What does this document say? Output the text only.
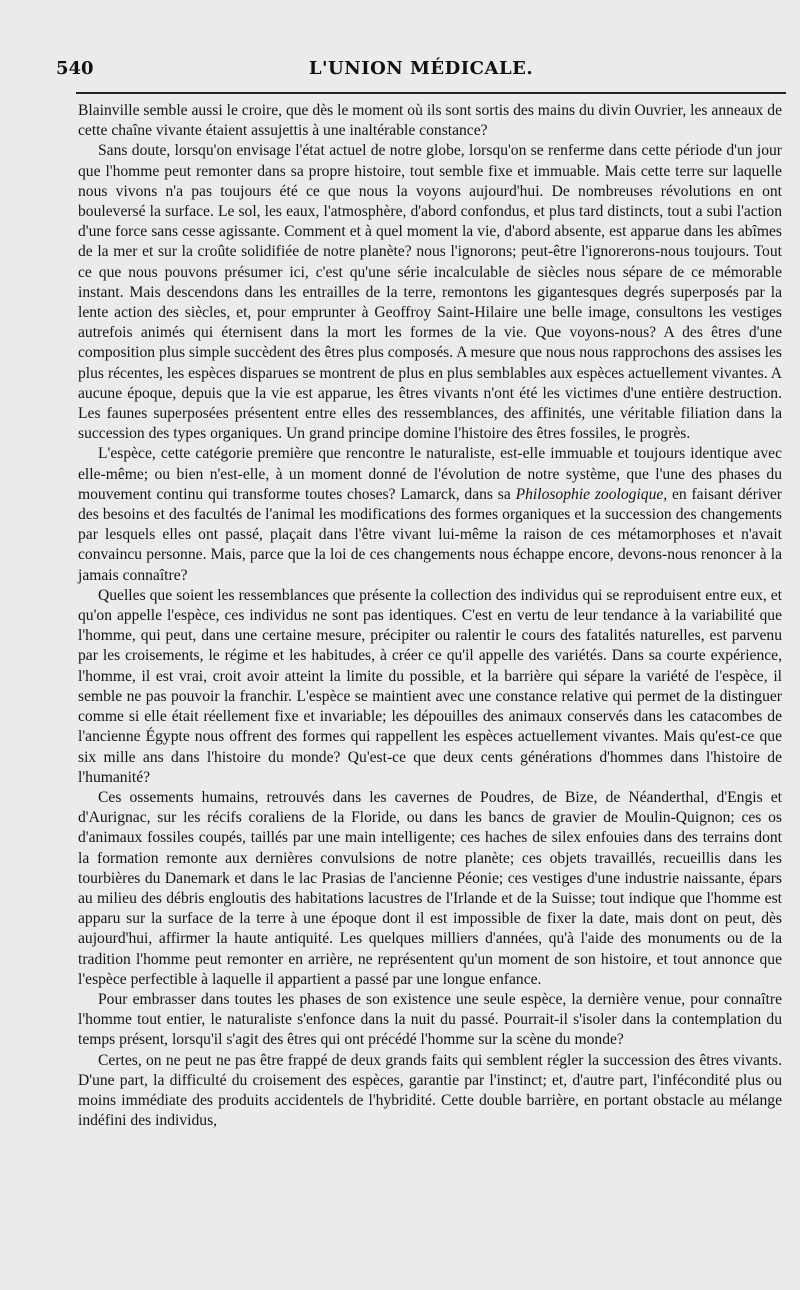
540	L'UNION MÉDICALE.

Blainville semble aussi le croire, que dès le moment où ils sont sortis des mains du divin Ouvrier, les anneaux de cette chaîne vivante étaient assujettis à une inaltérable constance?

Sans doute, lorsqu'on envisage l'état actuel de notre globe, lorsqu'on se renferme dans cette période d'un jour que l'homme peut remonter dans sa propre histoire, tout semble fixe et immuable. Mais cette terre sur laquelle nous vivons n'a pas toujours été ce que nous la voyons aujourd'hui. De nombreuses révolutions en ont bouleversé la surface. Le sol, les eaux, l'atmosphère, d'abord confondus, et plus tard distincts, tout a subi l'action d'une force sans cesse agissante. Comment et à quel moment la vie, d'abord absente, est apparue dans les abîmes de la mer et sur la croûte solidifiée de notre planète? nous l'ignorons; peut-être l'ignorerons-nous toujours. Tout ce que nous pouvons présumer ici, c'est qu'une série incalculable de siècles nous sépare de ce mémorable instant. Mais descendons dans les entrailles de la terre, remontons les gigantesques degrés superposés par la lente action des siècles, et, pour emprunter à Geoffroy Saint-Hilaire une belle image, consultons les vestiges autrefois animés qui éternisent dans la mort les formes de la vie. Que voyons-nous? A des êtres d'une composition plus simple succèdent des êtres plus composés. A mesure que nous nous rapprochons des assises les plus récentes, les espèces disparues se montrent de plus en plus semblables aux espèces actuellement vivantes. A aucune époque, depuis que la vie est apparue, les êtres vivants n'ont été les victimes d'une entière destruction. Les faunes superposées présentent entre elles des ressemblances, des affinités, une véritable filiation dans la succession des types organiques. Un grand principe domine l'histoire des êtres fossiles, le progrès.

L'espèce, cette catégorie première que rencontre le naturaliste, est-elle immuable et toujours identique avec elle-même; ou bien n'est-elle, à un moment donné de l'évolution de notre système, que l'une des phases du mouvement continu qui transforme toutes choses? Lamarck, dans sa Philosophie zoologique, en faisant dériver des besoins et des facultés de l'animal les modifications des formes organiques et la succession des changements par lesquels elles ont passé, plaçait dans l'être vivant lui-même la raison de ces métamorphoses et n'avait convaincu personne. Mais, parce que la loi de ces changements nous échappe encore, devons-nous renoncer à la jamais connaître?

Quelles que soient les ressemblances que présente la collection des individus qui se reproduisent entre eux, et qu'on appelle l'espèce, ces individus ne sont pas identiques. C'est en vertu de leur tendance à la variabilité que l'homme, qui peut, dans une certaine mesure, précipiter ou ralentir le cours des fatalités naturelles, est parvenu par les croisements, le régime et les habitudes, à créer ce qu'il appelle des variétés. Dans sa courte expérience, l'homme, il est vrai, croit avoir atteint la limite du possible, et la barrière qui sépare la variété de l'espèce, il semble ne pas pouvoir la franchir. L'espèce se maintient avec une constance relative qui permet de la distinguer comme si elle était réellement fixe et invariable; les dépouilles des animaux conservés dans les catacombes de l'ancienne Égypte nous offrent des formes qui rappellent les espèces actuellement vivantes. Mais qu'est-ce que six mille ans dans l'histoire du monde? Qu'est-ce que deux cents générations d'hommes dans l'histoire de l'humanité?

Ces ossements humains, retrouvés dans les cavernes de Poudres, de Bize, de Néanderthal, d'Engis et d'Aurignac, sur les récifs coraliens de la Floride, ou dans les bancs de gravier de Moulin-Quignon; ces os d'animaux fossiles coupés, taillés par une main intelligente; ces haches de silex enfouies dans des terrains dont la formation remonte aux dernières convulsions de notre planète; ces objets travaillés, recueillis dans les tourbières du Danemark et dans le lac Prasias de l'ancienne Péonie; ces vestiges d'une industrie naissante, épars au milieu des débris engloutis des habitations lacustres de l'Irlande et de la Suisse; tout indique que l'homme est apparu sur la surface de la terre à une époque dont il est impossible de fixer la date, mais dont on peut, dès aujourd'hui, affirmer la haute antiquité. Les quelques milliers d'années, qu'à l'aide des monuments ou de la tradition l'homme peut remonter en arrière, ne représentent qu'un moment de son histoire, et tout annonce que l'espèce perfectible à laquelle il appartient a passé par une longue enfance.

Pour embrasser dans toutes les phases de son existence une seule espèce, la dernière venue, pour connaître l'homme tout entier, le naturaliste s'enfonce dans la nuit du passé. Pourrait-il s'isoler dans la contemplation du temps présent, lorsqu'il s'agit des êtres qui ont précédé l'homme sur la scène du monde?

Certes, on ne peut ne pas être frappé de deux grands faits qui semblent régler la succession des êtres vivants. D'une part, la difficulté du croisement des espèces, garantie par l'instinct; et, d'autre part, l'infécondité plus ou moins immédiate des produits accidentels de l'hybridité. Cette double barrière, en portant obstacle au mélange indéfini des individus,
